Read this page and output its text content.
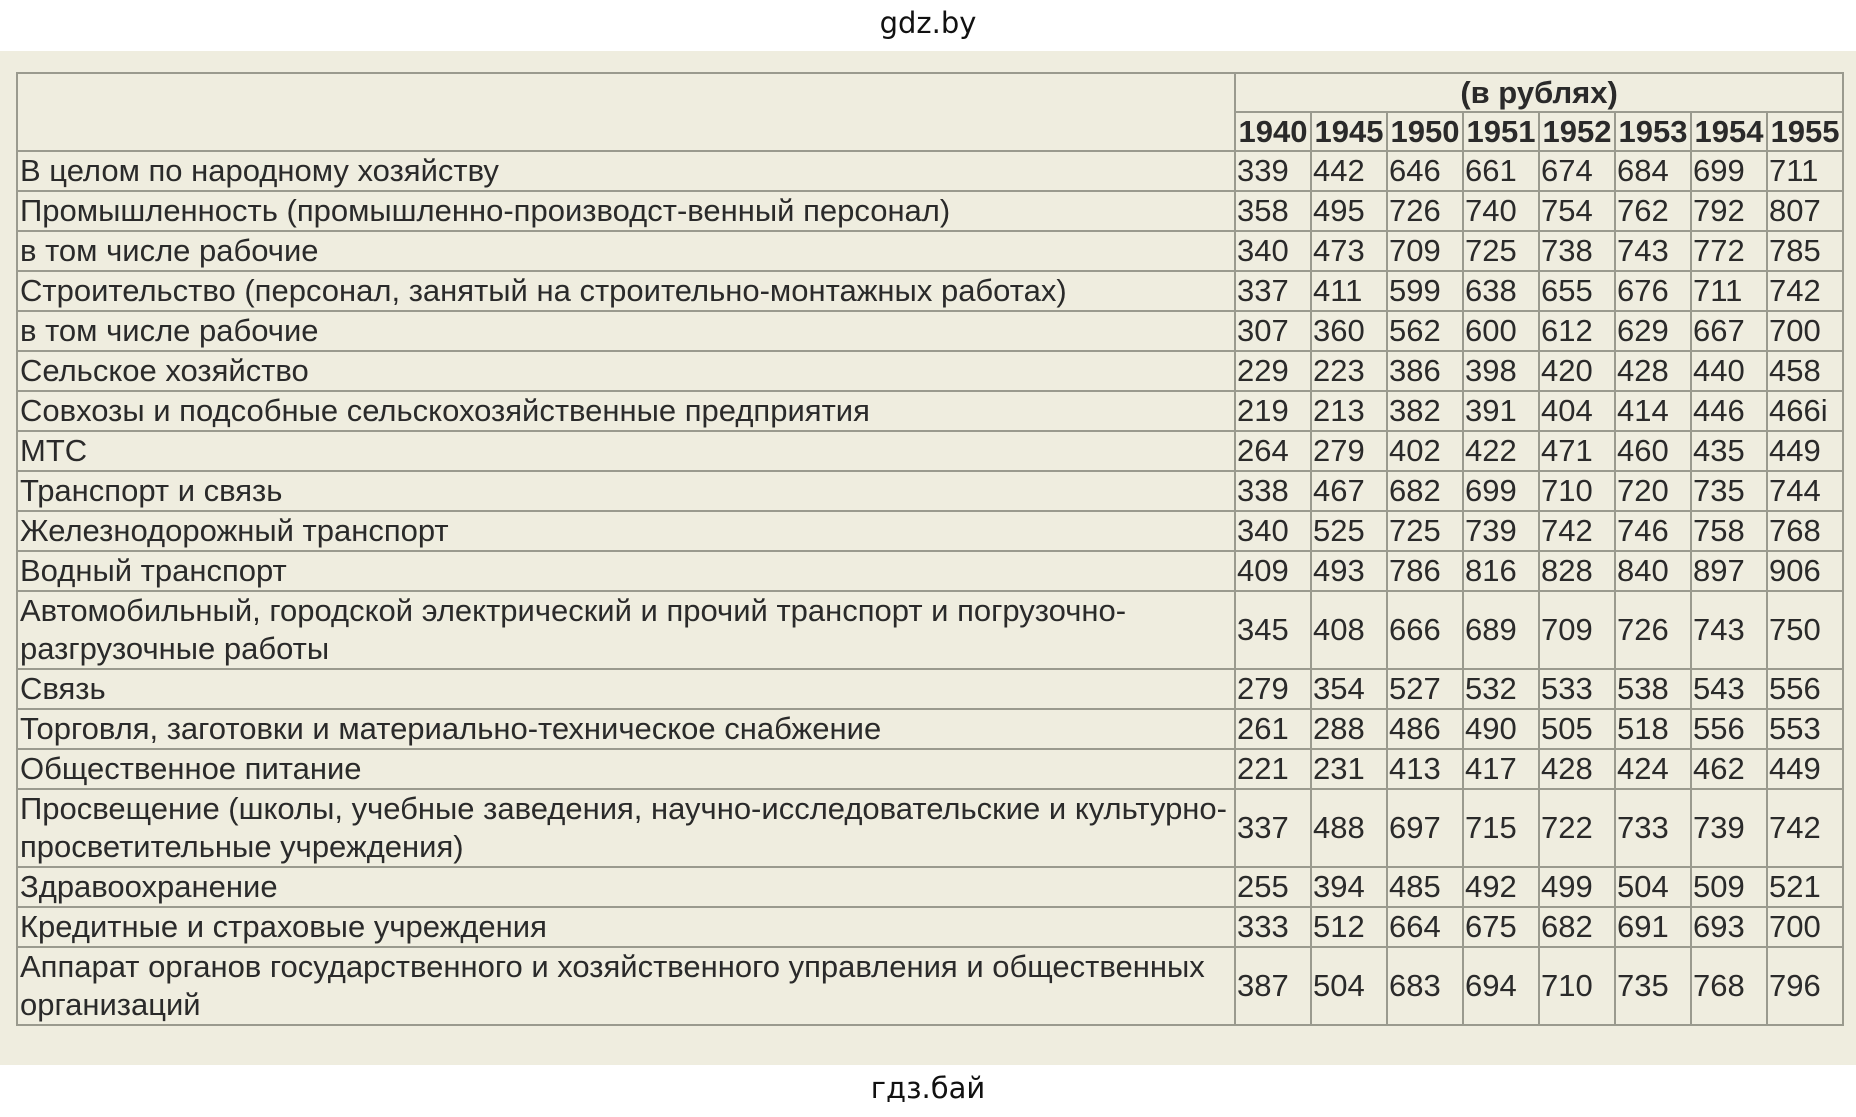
gdz.by
	(в рублях)							
	1940	1945	1950	1951	1952	1953	1954	1955
В целом по народному хозяйству	339	442	646	661	674	684	699	711
Промышленность (промышленно-производст-венный персонал)	358	495	726	740	754	762	792	807
в том числе рабочие	340	473	709	725	738	743	772	785
Строительство (персонал, занятый на строительно-монтажных работах)	337	411	599	638	655	676	711	742
в том числе рабочие	307	360	562	600	612	629	667	700
Сельское хозяйство	229	223	386	398	420	428	440	458
Совхозы и подсобные сельскохозяйственные предприятия	219	213	382	391	404	414	446	466i
МТС	264	279	402	422	471	460	435	449
Транспорт и связь	338	467	682	699	710	720	735	744
Железнодорожный транспорт	340	525	725	739	742	746	758	768
Водный транспорт	409	493	786	816	828	840	897	906
Автомобильный, городской электрический и прочий транспорт и погрузочно-разгрузочные работы	345	408	666	689	709	726	743	750
Связь	279	354	527	532	533	538	543	556
Торговля, заготовки и материально-техническое снабжение	261	288	486	490	505	518	556	553
Общественное питание	221	231	413	417	428	424	462	449
Просвещение (школы, учебные заведения, научно-исследовательские и культурно-просветительные учреждения)	337	488	697	715	722	733	739	742
Здравоохранение	255	394	485	492	499	504	509	521
Кредитные и страховые учреждения	333	512	664	675	682	691	693	700
Аппарат органов государственного и хозяйственного управления и общественных организаций	387	504	683	694	710	735	768	796
гдз.бай
